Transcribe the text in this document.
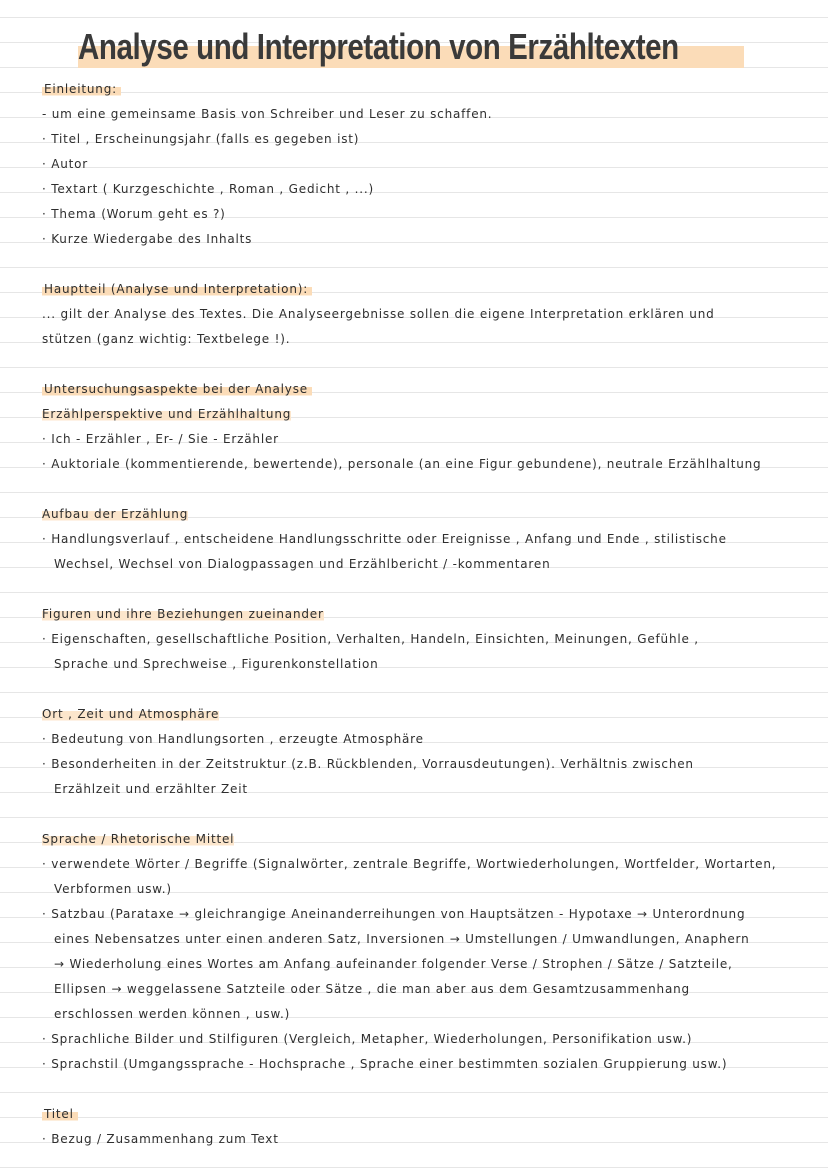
Analyse und Interpretation von Erzähltexten
Einleitung:
- um eine gemeinsame Basis von Schreiber und Leser zu schaffen.
· Titel , Erscheinungsjahr (falls es gegeben ist)
· Autor
· Textart ( Kurzgeschichte , Roman , Gedicht , ...)
· Thema (Worum geht es ?)
· Kurze Wiedergabe des Inhalts
Hauptteil (Analyse und Interpretation):
... gilt der Analyse des Textes. Die Analyseergebnisse sollen die eigene Interpretation erklären und
stützen (ganz wichtig: Textbelege !).
Untersuchungsaspekte bei der Analyse
Erzählperspektive und Erzählhaltung
· Ich - Erzähler , Er- / Sie - Erzähler
· Auktoriale (kommentierende, bewertende), personale (an eine Figur gebundene), neutrale Erzählhaltung
Aufbau der Erzählung
· Handlungsverlauf , entscheidene Handlungsschritte oder Ereignisse , Anfang und Ende , stilistische
Wechsel, Wechsel von Dialogpassagen und Erzählbericht / -kommentaren
Figuren und ihre Beziehungen zueinander
· Eigenschaften, gesellschaftliche Position, Verhalten, Handeln, Einsichten, Meinungen, Gefühle ,
Sprache und Sprechweise , Figurenkonstellation
Ort , Zeit und Atmosphäre
· Bedeutung von Handlungsorten , erzeugte Atmosphäre
· Besonderheiten in der Zeitstruktur (z.B. Rückblenden, Vorrausdeutungen). Verhältnis zwischen
Erzählzeit und erzählter Zeit
Sprache / Rhetorische Mittel
· verwendete Wörter / Begriffe (Signalwörter, zentrale Begriffe, Wortwiederholungen, Wortfelder, Wortarten,
Verbformen usw.)
· Satzbau (Parataxe → gleichrangige Aneinanderreihungen von Hauptsätzen - Hypotaxe → Unterordnung
eines Nebensatzes unter einen anderen Satz, Inversionen → Umstellungen / Umwandlungen, Anaphern
→ Wiederholung eines Wortes am Anfang aufeinander folgender Verse / Strophen / Sätze / Satzteile,
Ellipsen → weggelassene Satzteile oder Sätze , die man aber aus dem Gesamtzusammenhang
erschlossen werden können , usw.)
· Sprachliche Bilder und Stilfiguren (Vergleich, Metapher, Wiederholungen, Personifikation usw.)
· Sprachstil (Umgangssprache - Hochsprache , Sprache einer bestimmten sozialen Gruppierung usw.)
Titel
· Bezug / Zusammenhang zum Text
